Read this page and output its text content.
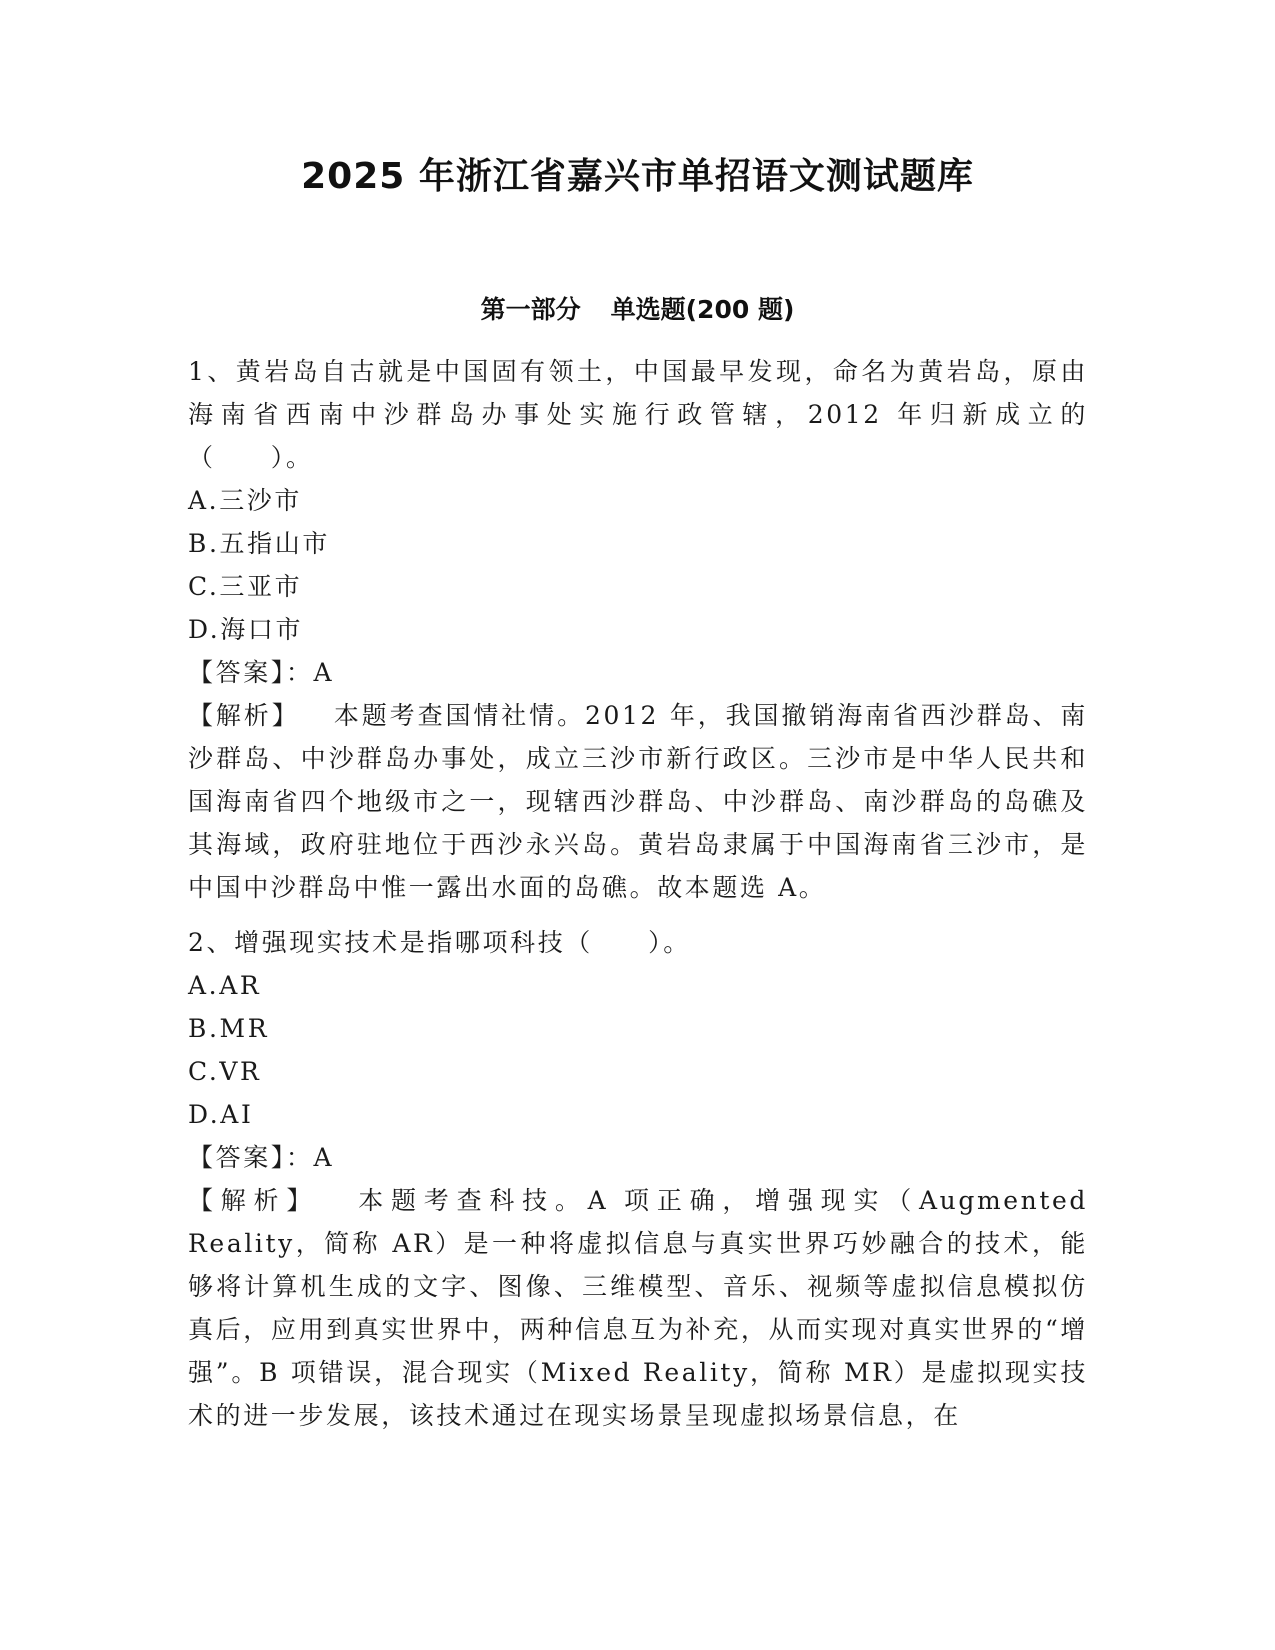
2025 年浙江省嘉兴市单招语文测试题库
第一部分 单选题(200 题)
1、黄岩岛自古就是中国固有领土，中国最早发现，命名为黄岩岛，原由海南省西南中沙群岛办事处实施行政管辖，2012 年归新成立的（　　）。
A.三沙市
B.五指山市
C.三亚市
D.海口市
【答案】：A
【解析】 本题考查国情社情。2012 年，我国撤销海南省西沙群岛、南沙群岛、中沙群岛办事处，成立三沙市新行政区。三沙市是中华人民共和国海南省四个地级市之一，现辖西沙群岛、中沙群岛、南沙群岛的岛礁及其海域，政府驻地位于西沙永兴岛。黄岩岛隶属于中国海南省三沙市，是中国中沙群岛中惟一露出水面的岛礁。故本题选 A。
2、增强现实技术是指哪项科技（　　）。
A.AR
B.MR
C.VR
D.AI
【答案】：A
【解析】 本题考查科技。A 项正确，增强现实（Augmented Reality，简称 AR）是一种将虚拟信息与真实世界巧妙融合的技术，能够将计算机生成的文字、图像、三维模型、音乐、视频等虚拟信息模拟仿真后，应用到真实世界中，两种信息互为补充，从而实现对真实世界的“增强”。B 项错误，混合现实（Mixed Reality，简称 MR）是虚拟现实技术的进一步发展，该技术通过在现实场景呈现虚拟场景信息，在
